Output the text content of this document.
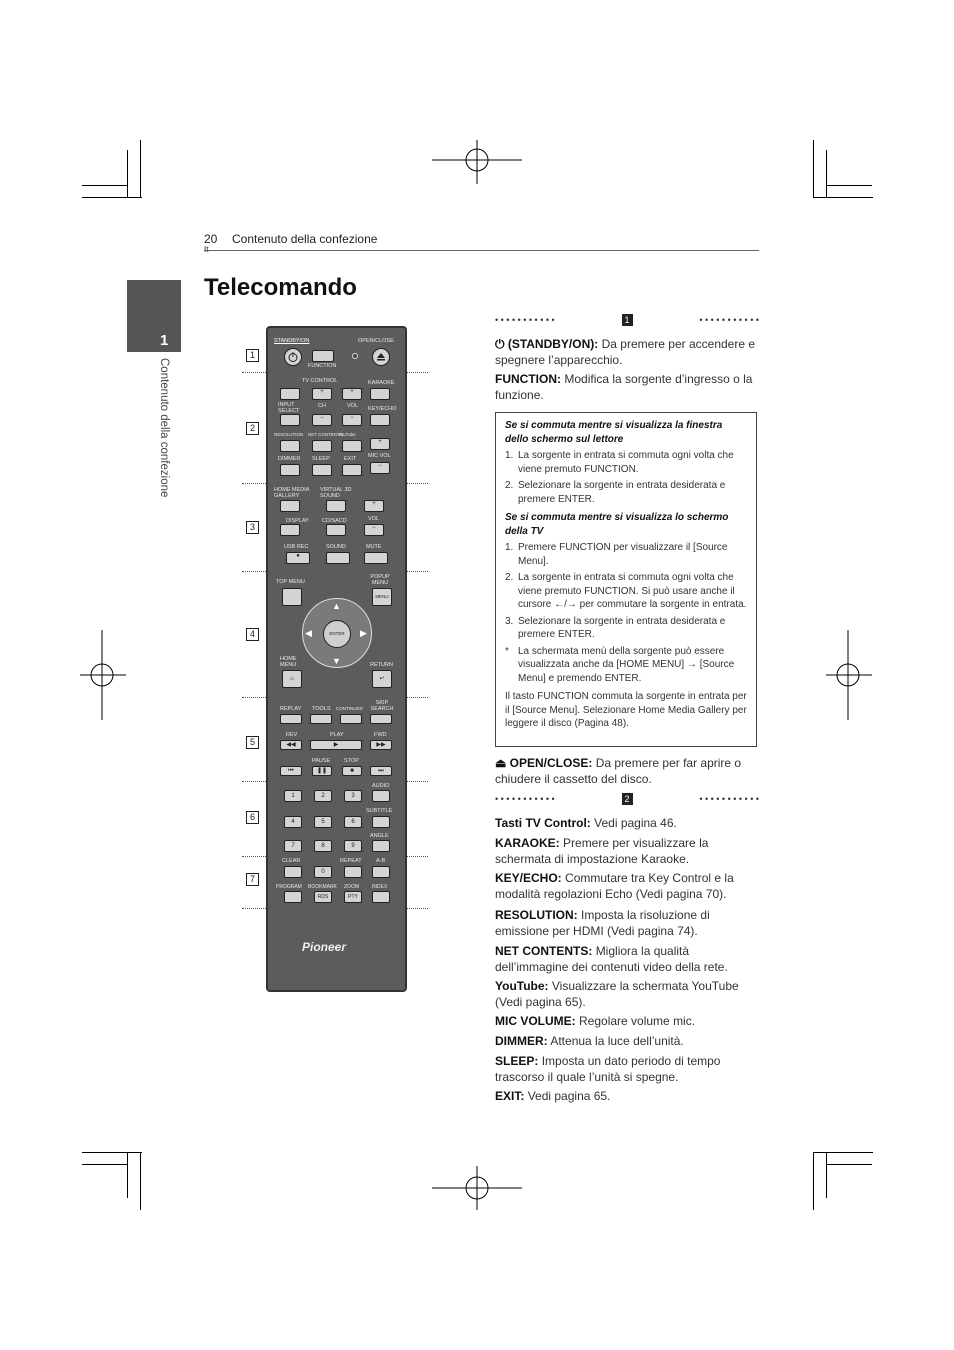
20 Contenuto della confezione
1
Contenuto della confezione
Telecomando
1
2
3
4
5
6
7
STANDBY/ON	OPEN/CLOSE
FUNCTION
TV CONTROL	KARAOKE
+	+
INPUT SELECT
CH	VOL KEY/ECHO
−	−
RESOLUTION NET CONTENTS
YouTube
+
DIMMER SLEEP	EXIT MIC VOL
−
HOME MEDIA GALLERY
VIRTUAL 3D SOUND
+
DISPLAY CD/SACD	VOL
−
USB REC	SOUND	MUTE
●
TOP MENU
POPUP MENU
MENU
▲
▼
◀	▶
ENTER
HOME MENU	RETURN
⌂	↵
REPLAY TOOLS CONTINUED
SKIP SEARCH
REV	PLAY	FWD
◀◀	▶	▶▶
PAUSE	STOP
⏮	❚❚	■	⏭
AUDIO
1	2	3
SUBTITLE
4	5	6
ANGLE
7	8	9
CLEAR	REPEAT	A-B
0
PROGRAM BOOKMARK ZOOM	INDEX
RDS	PTY
Pioneer
• • • • • • • • • • •	1	• • • • • • • • • • •
⏻ (STANDBY/ON): Da premere per accendere e spegnere l’apparecchio.
FUNCTION: Modifica la sorgente d’ingresso o la funzione.
Se si commuta mentre si visualizza la finestra dello schermo sul lettore
1. La sorgente in entrata si commuta ogni volta che viene premuto FUNCTION.
2. Selezionare la sorgente in entrata desiderata e premere ENTER.
Se si commuta mentre si visualizza lo schermo della TV
1. Premere FUNCTION per visualizzare il [Source Menu].
2. La sorgente in entrata si commuta ogni volta che viene premuto FUNCTION. Si può usare anche il cursore ←/→ per commutare la sorgente in entrata.
3. Selezionare la sorgente in entrata desiderata e premere ENTER.
* La schermata menù della sorgente può essere visualizzata anche da [HOME MENU] → [Source Menu] e premendo ENTER.

Il tasto FUNCTION commuta la sorgente in entrata per il [Source Menu]. Selezionare Home Media Gallery per leggere il disco (Pagina 48).

⏏ OPEN/CLOSE: Da premere per far aprire o chiudere il cassetto del disco.
• • • • • • • • • • •	2	• • • • • • • • • • •
Tasti TV Control: Vedi pagina 46.
KARAOKE: Premere per visualizzare la schermata di impostazione Karaoke.
KEY/ECHO: Commutare tra Key Control e la modalità regolazioni Echo (Vedi pagina 70).
RESOLUTION: Imposta la risoluzione di emissione per HDMI (Vedi pagina 74).
NET CONTENTS: Migliora la qualità dell’immagine dei contenuti video della rete.
YouTube: Visualizzare la schermata YouTube (Vedi pagina 65).
MIC VOLUME: Regolare volume mic.
DIMMER: Attenua la luce dell’unità.
SLEEP: Imposta un dato periodo di tempo trascorso il quale l’unità si spegne.
EXIT: Vedi pagina 65.
